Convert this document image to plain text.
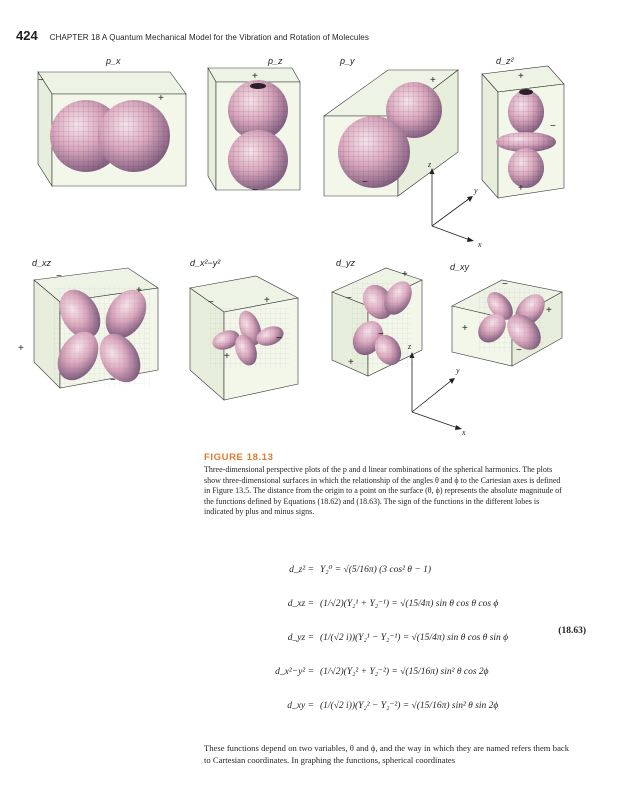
424 CHAPTER 18 A Quantum Mechanical Model for the Vibration and Rotation of Molecules
p_x
−
+
p_z
+
−
p_y
−
+
d_z²
+
−
+
z
y
x
d_xz
−
+
+
−
d_x²−y²
−	+
+
−
d_yz
−
+
+
−
d_xy
−
+
+
−
z
y
x
FIGURE 18.13

Three-dimensional perspective plots of the p and d linear combinations of the spherical harmonics. The plots show three-dimensional surfaces in which the relationship of the angles θ and ϕ to the Cartesian axes is defined in Figure 13.5. The distance from the origin to a point on the surface (θ, ϕ) represents the absolute magnitude of the functions defined by Equations (18.62) and (18.63). The sign of the functions in the different lobes is indicated by plus and minus signs.

d_z² = Y₂⁰ = √(5/16π) (3 cos² θ − 1)
d_xz = (1/√2)(Y₂¹ + Y₂⁻¹) = √(15/4π) sin θ cos θ cos ϕ
d_yz = (1/(√2 i))(Y₂¹ − Y₂⁻¹) = √(15/4π) sin θ cos θ sin ϕ
d_x²−y² = (1/√2)(Y₂² + Y₂⁻²) = √(15/16π) sin² θ cos 2ϕ
d_xy = (1/(√2 i))(Y₂² − Y₂⁻²) = √(15/16π) sin² θ sin 2ϕ
(18.63)

These functions depend on two variables, θ and ϕ, and the way in which they are named refers them back to Cartesian coordinates. In graphing the functions, spherical coordinates
